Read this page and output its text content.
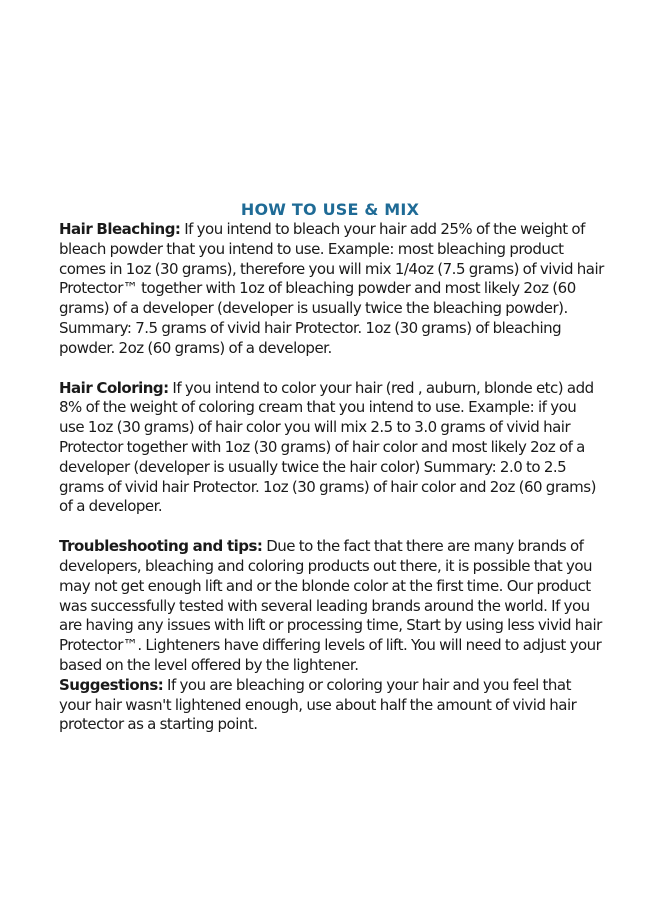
HOW TO USE & MIX

Hair Bleaching: If you intend to bleach your hair add 25% of the weight of bleach powder that you intend to use. Example: most bleaching product comes in 1oz (30 grams), therefore you will mix 1/4oz (7.5 grams) of vivid hair Protector™ together with 1oz of bleaching powder and most likely 2oz (60 grams) of a developer (developer is usually twice the bleaching powder). Summary: 7.5 grams of vivid hair Protector. 1oz (30 grams) of bleaching powder. 2oz (60 grams) of a developer.

Hair Coloring: If you intend to color your hair (red , auburn, blonde etc) add 8% of the weight of coloring cream that you intend to use. Example: if you use 1oz (30 grams) of hair color you will mix 2.5 to 3.0 grams of vivid hair Protector together with 1oz (30 grams) of hair color and most likely 2oz of a developer (developer is usually twice the hair color) Summary: 2.0 to 2.5 grams of vivid hair Protector. 1oz (30 grams) of hair color and 2oz (60 grams) of a developer.

Troubleshooting and tips: Due to the fact that there are many brands of developers, bleaching and coloring products out there, it is possible that you may not get enough lift and or the blonde color at the first time. Our product was successfully tested with several leading brands around the world. If you are having any issues with lift or processing time, Start by using less vivid hair Protector™. Lighteners have differing levels of lift. You will need to adjust your based on the level offered by the lightener.

Suggestions: If you are bleaching or coloring your hair and you feel that your hair wasn't lightened enough, use about half the amount of vivid hair protector as a starting point.
